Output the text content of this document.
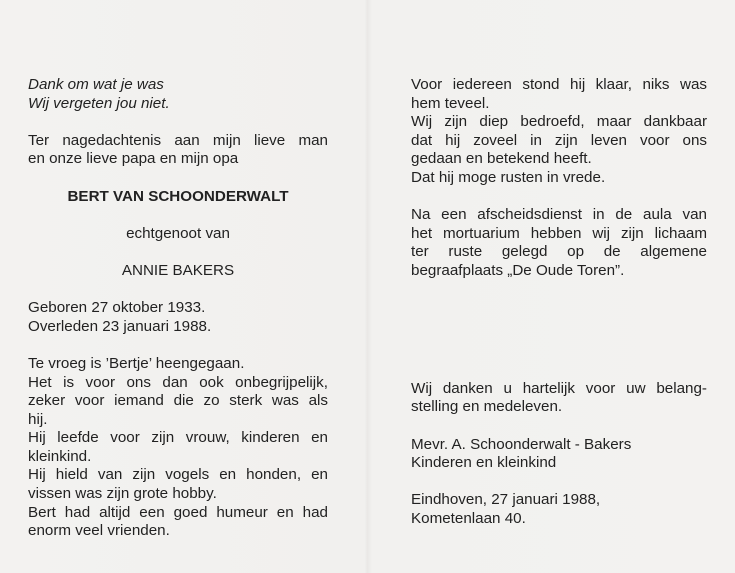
Dank om wat je was
Wij vergeten jou niet.
Ter nagedachtenis aan mijn lieve man
en onze lieve papa en mijn opa
BERT VAN SCHOONDERWALT
echtgenoot van
ANNIE BAKERS
Geboren 27 oktober 1933.
Overleden 23 januari 1988.
Te vroeg is ’Bertje’ heengegaan.
Het is voor ons dan ook onbegrijpelijk,
zeker voor iemand die zo sterk was als
hij.
Hij leefde voor zijn vrouw, kinderen en
kleinkind.
Hij hield van zijn vogels en honden, en
vissen was zijn grote hobby.
Bert had altijd een goed humeur en had
enorm veel vrienden.
Voor iedereen stond hij klaar, niks was
hem teveel.
Wij zijn diep bedroefd, maar dankbaar
dat hij zoveel in zijn leven voor ons
gedaan en betekend heeft.
Dat hij moge rusten in vrede.
Na een afscheidsdienst in de aula van
het mortuarium hebben wij zijn lichaam
ter ruste gelegd op de algemene
begraafplaats „De Oude Toren”.
Wij danken u hartelijk voor uw belang-
stelling en medeleven.
Mevr. A. Schoonderwalt - Bakers
Kinderen en kleinkind
Eindhoven, 27 januari 1988,
Kometenlaan 40.
